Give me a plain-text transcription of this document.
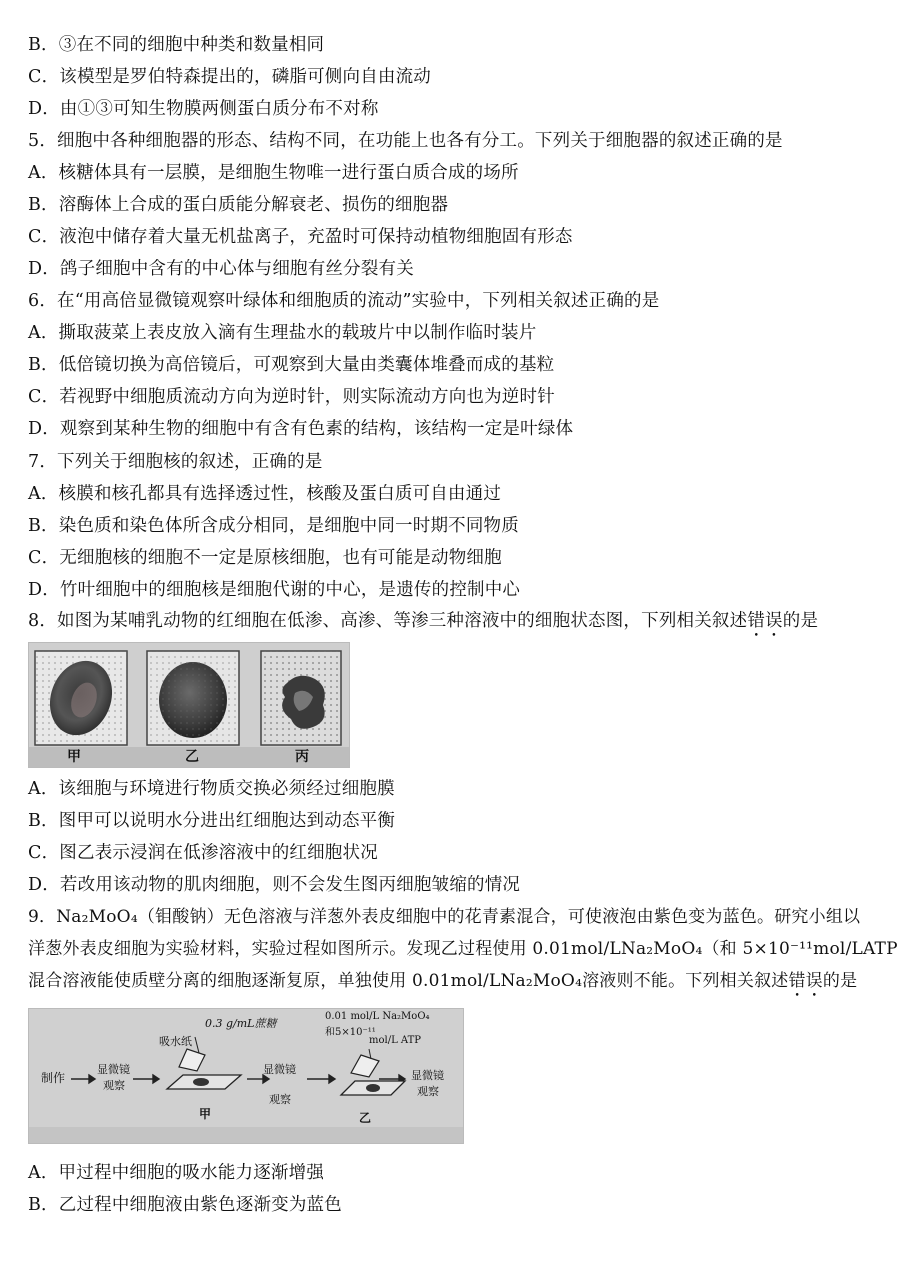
B．③在不同的细胞中种类和数量相同
C．该模型是罗伯特森提出的，磷脂可侧向自由流动
D．由①③可知生物膜两侧蛋白质分布不对称
5．细胞中各种细胞器的形态、结构不同，在功能上也各有分工。下列关于细胞器的叙述正确的是
A．核糖体具有一层膜，是细胞生物唯一进行蛋白质合成的场所
B．溶酶体上合成的蛋白质能分解衰老、损伤的细胞器
C．液泡中储存着大量无机盐离子，充盈时可保持动植物细胞固有形态
D．鸽子细胞中含有的中心体与细胞有丝分裂有关
6．在“用高倍显微镜观察叶绿体和细胞质的流动”实验中，下列相关叙述正确的是
A．撕取菠菜上表皮放入滴有生理盐水的载玻片中以制作临时装片
B．低倍镜切换为高倍镜后，可观察到大量由类囊体堆叠而成的基粒
C．若视野中细胞质流动方向为逆时针，则实际流动方向也为逆时针
D．观察到某种生物的细胞中有含有色素的结构，该结构一定是叶绿体
7．下列关于细胞核的叙述，正确的是
A．核膜和核孔都具有选择透过性，核酸及蛋白质可自由通过
B．染色质和染色体所含成分相同，是细胞中同一时期不同物质
C．无细胞核的细胞不一定是原核细胞，也有可能是动物细胞
D．竹叶细胞中的细胞核是细胞代谢的中心，是遗传的控制中心
8．如图为某哺乳动物的红细胞在低渗、高渗、等渗三种溶液中的细胞状态图，下列相关叙述错误的是
甲	乙	丙
A．该细胞与环境进行物质交换必须经过细胞膜
B．图甲可以说明水分进出红细胞达到动态平衡
C．图乙表示浸润在低渗溶液中的红细胞状况
D．若改用该动物的肌肉细胞，则不会发生图丙细胞皱缩的情况
9．Na₂MoO₄（钼酸钠）无色溶液与洋葱外表皮细胞中的花青素混合，可使液泡由紫色变为蓝色。研究小组以
洋葱外表皮细胞为实验材料，实验过程如图所示。发现乙过程使用 0.01mol/LNa₂MoO₄（和 5×10⁻¹¹mol/LATP
混合溶液能使质壁分离的细胞逐渐复原，单独使用 0.01mol/LNa₂MoO₄溶液则不能。下列相关叙述错误的是
制作
显微镜
观察
吸水纸
0.3 g/mL蔗糖
甲
显微镜
观察
0.01 mol/L Na₂MoO₄
和5×10⁻¹¹
mol/L ATP
乙
显微镜
观察
A．甲过程中细胞的吸水能力逐渐增强
B．乙过程中细胞液由紫色逐渐变为蓝色
